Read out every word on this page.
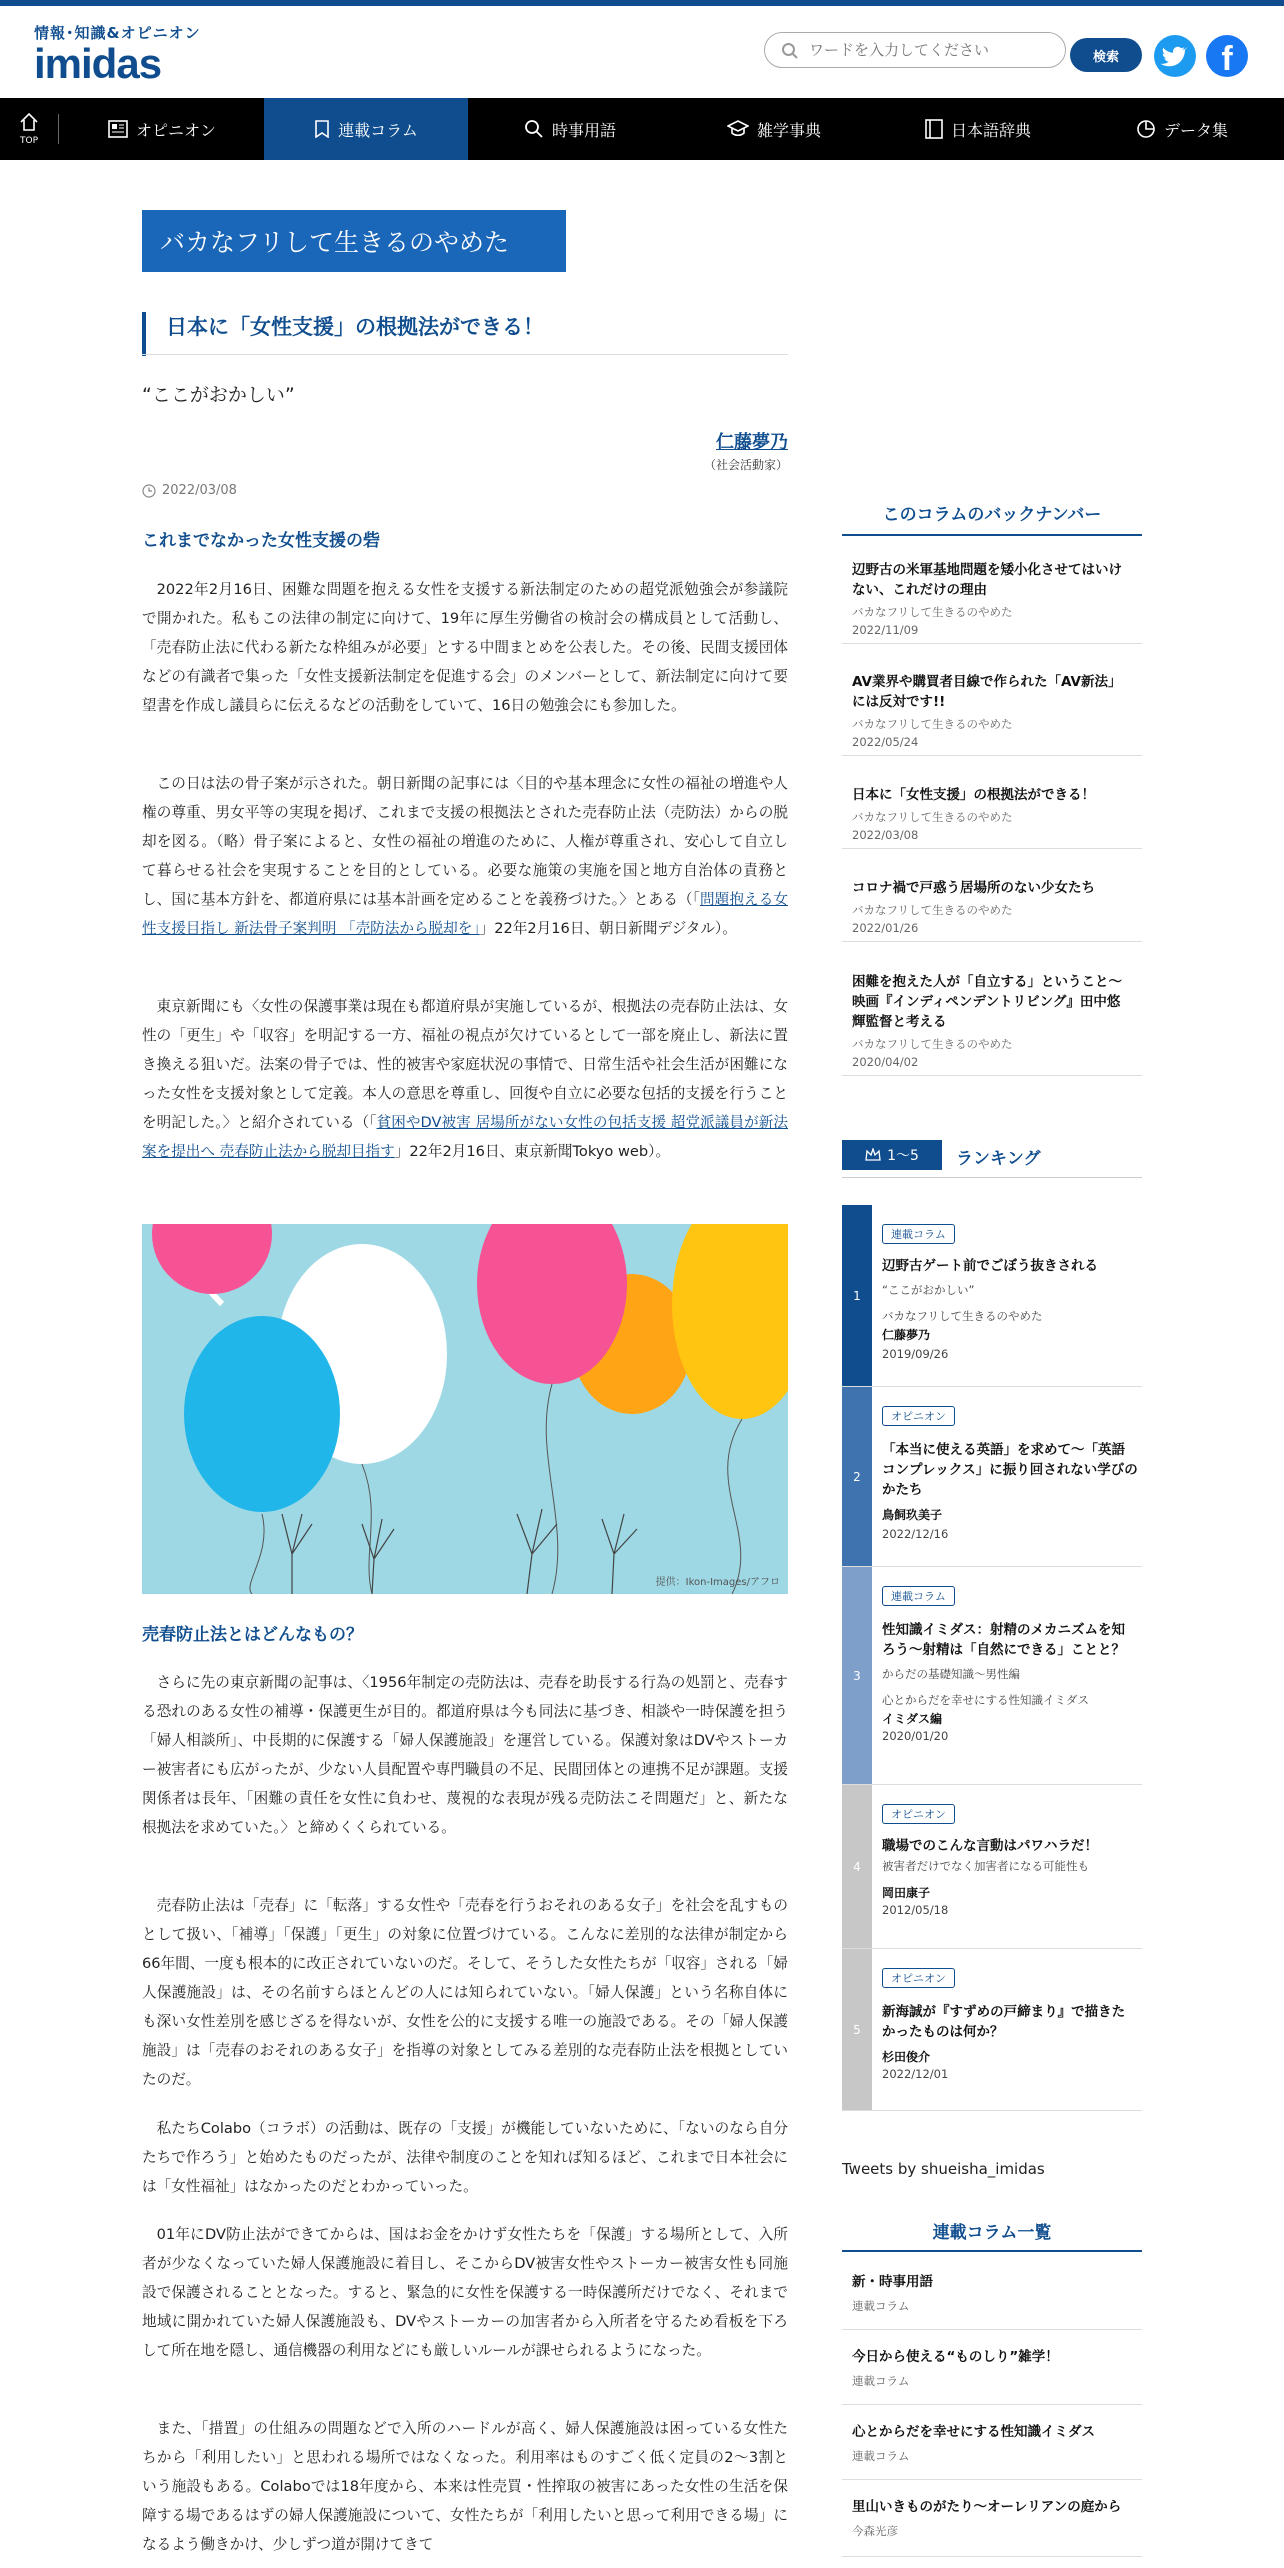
情報･知識&オピニオン
imidas
ワードを入力してください	検索	f
TOP
オピニオン	連載コラム	時事用語	雑学事典	日本語辞典	データ集
バカなフリして生きるのやめた
日本に「女性支援」の根拠法ができる！
“ここがおかしい”
仁藤夢乃
（社会活動家）
2022/03/08
これまでなかった女性支援の砦

2022年2月16日、困難な問題を抱える女性を支援する新法制定のための超党派勉強会が参議院で開かれた。私もこの法律の制定に向けて、19年に厚生労働省の検討会の構成員として活動し、「売春防止法に代わる新たな枠組みが必要」とする中間まとめを公表した。その後、民間支援団体などの有識者で集った「女性支援新法制定を促進する会」のメンバーとして、新法制定に向けて要望書を作成し議員らに伝えるなどの活動をしていて、16日の勉強会にも参加した。

この日は法の骨子案が示された。朝日新聞の記事には〈目的や基本理念に女性の福祉の増進や人権の尊重、男女平等の実現を掲げ、これまで支援の根拠法とされた売春防止法（売防法）からの脱却を図る。（略）骨子案によると、女性の福祉の増進のために、人権が尊重され、安心して自立して暮らせる社会を実現することを目的としている。必要な施策の実施を国と地方自治体の責務とし、国に基本方針を、都道府県には基本計画を定めることを義務づけた。〉とある（「問題抱える女性支援目指し 新法骨子案判明 「売防法から脱却を」」22年2月16日、朝日新聞デジタル）。

東京新聞にも〈女性の保護事業は現在も都道府県が実施しているが、根拠法の売春防止法は、女性の「更生」や「収容」を明記する一方、福祉の視点が欠けているとして一部を廃止し、新法に置き換える狙いだ。法案の骨子では、性的被害や家庭状況の事情で、日常生活や社会生活が困難になった女性を支援対象として定義。本人の意思を尊重し、回復や自立に必要な包括的支援を行うことを明記した。〉と紹介されている（「貧困やDV被害 居場所がない女性の包括支援 超党派議員が新法案を提出へ 売春防止法から脱却目指す」22年2月16日、東京新聞Tokyo web）。

提供：Ikon-Images/アフロ
売春防止法とはどんなもの？

さらに先の東京新聞の記事は、〈1956年制定の売防法は、売春を助長する行為の処罰と、売春する恐れのある女性の補導・保護更生が目的。都道府県は今も同法に基づき、相談や一時保護を担う「婦人相談所」、中長期的に保護する「婦人保護施設」を運営している。保護対象はDVやストーカー被害者にも広がったが、少ない人員配置や専門職員の不足、民間団体との連携不足が課題。支援関係者は長年、「困難の責任を女性に負わせ、蔑視的な表現が残る売防法こそ問題だ」と、新たな根拠法を求めていた。〉と締めくくられている。

売春防止法は「売春」に「転落」する女性や「売春を行うおそれのある女子」を社会を乱すものとして扱い、「補導」「保護」「更生」の対象に位置づけている。こんなに差別的な法律が制定から66年間、一度も根本的に改正されていないのだ。そして、そうした女性たちが「収容」される「婦人保護施設」は、その名前すらほとんどの人には知られていない。「婦人保護」という名称自体にも深い女性差別を感じざるを得ないが、女性を公的に支援する唯一の施設である。その「婦人保護施設」は「売春のおそれのある女子」を指導の対象としてみる差別的な売春防止法を根拠としていたのだ。

私たちColabo（コラボ）の活動は、既存の「支援」が機能していないために、「ないのなら自分たちで作ろう」と始めたものだったが、法律や制度のことを知れば知るほど、これまで日本社会には「女性福祉」はなかったのだとわかっていった。

01年にDV防止法ができてからは、国はお金をかけず女性たちを「保護」する場所として、入所者が少なくなっていた婦人保護施設に着目し、そこからDV被害女性やストーカー被害女性も同施設で保護されることとなった。すると、緊急的に女性を保護する一時保護所だけでなく、それまで地域に開かれていた婦人保護施設も、DVやストーカーの加害者から入所者を守るため看板を下ろして所在地を隠し、通信機器の利用などにも厳しいルールが課せられるようになった。

また、「措置」の仕組みの問題などで入所のハードルが高く、婦人保護施設は困っている女性たちから「利用したい」と思われる場所ではなくなった。利用率はものすごく低く定員の2～3割という施設もある。Colaboでは18年度から、本来は性売買・性搾取の被害にあった女性の生活を保障する場であるはずの婦人保護施設について、女性たちが「利用したいと思って利用できる場」になるよう働きかけ、少しずつ道が開けてきて

このコラムのバックナンバー
辺野古の米軍基地問題を矮小化させてはいけない、これだけの理由
バカなフリして生きるのやめた
2022/11/09
AV業界や購買者目線で作られた「AV新法」には反対です!!
バカなフリして生きるのやめた
2022/05/24
日本に「女性支援」の根拠法ができる！
バカなフリして生きるのやめた
2022/03/08
コロナ禍で戸惑う居場所のない少女たち
バカなフリして生きるのやめた
2022/01/26
困難を抱えた人が「自立する」ということ〜映画『インディペンデントリビング』田中悠輝監督と考える
バカなフリして生きるのやめた
2020/04/02
1～5 ランキング
1
連載コラム
辺野古ゲート前でごぼう抜きされる
“ここがおかしい”
バカなフリして生きるのやめた
仁藤夢乃
2019/09/26
2
オピニオン
「本当に使える英語」を求めて～「英語コンプレックス」に振り回されない学びのかたち
鳥飼玖美子
2022/12/16
3
連載コラム
性知識イミダス：射精のメカニズムを知ろう～射精は「自然にできる」ことと？
からだの基礎知識～男性編
心とからだを幸せにする性知識イミダス
イミダス編
2020/01/20
4
オピニオン
職場でのこんな言動はパワハラだ！
被害者だけでなく加害者になる可能性も
岡田康子
2012/05/18
5
オピニオン
新海誠が『すずめの戸締まり』で描きたかったものは何か？
杉田俊介
2022/12/01
Tweets by shueisha_imidas
連載コラム一覧
新・時事用語
連載コラム
今日から使える“ものしり”雑学！
連載コラム
心とからだを幸せにする性知識イミダス
連載コラム
里山いきものがたり～オーレリアンの庭から
今森光彦
